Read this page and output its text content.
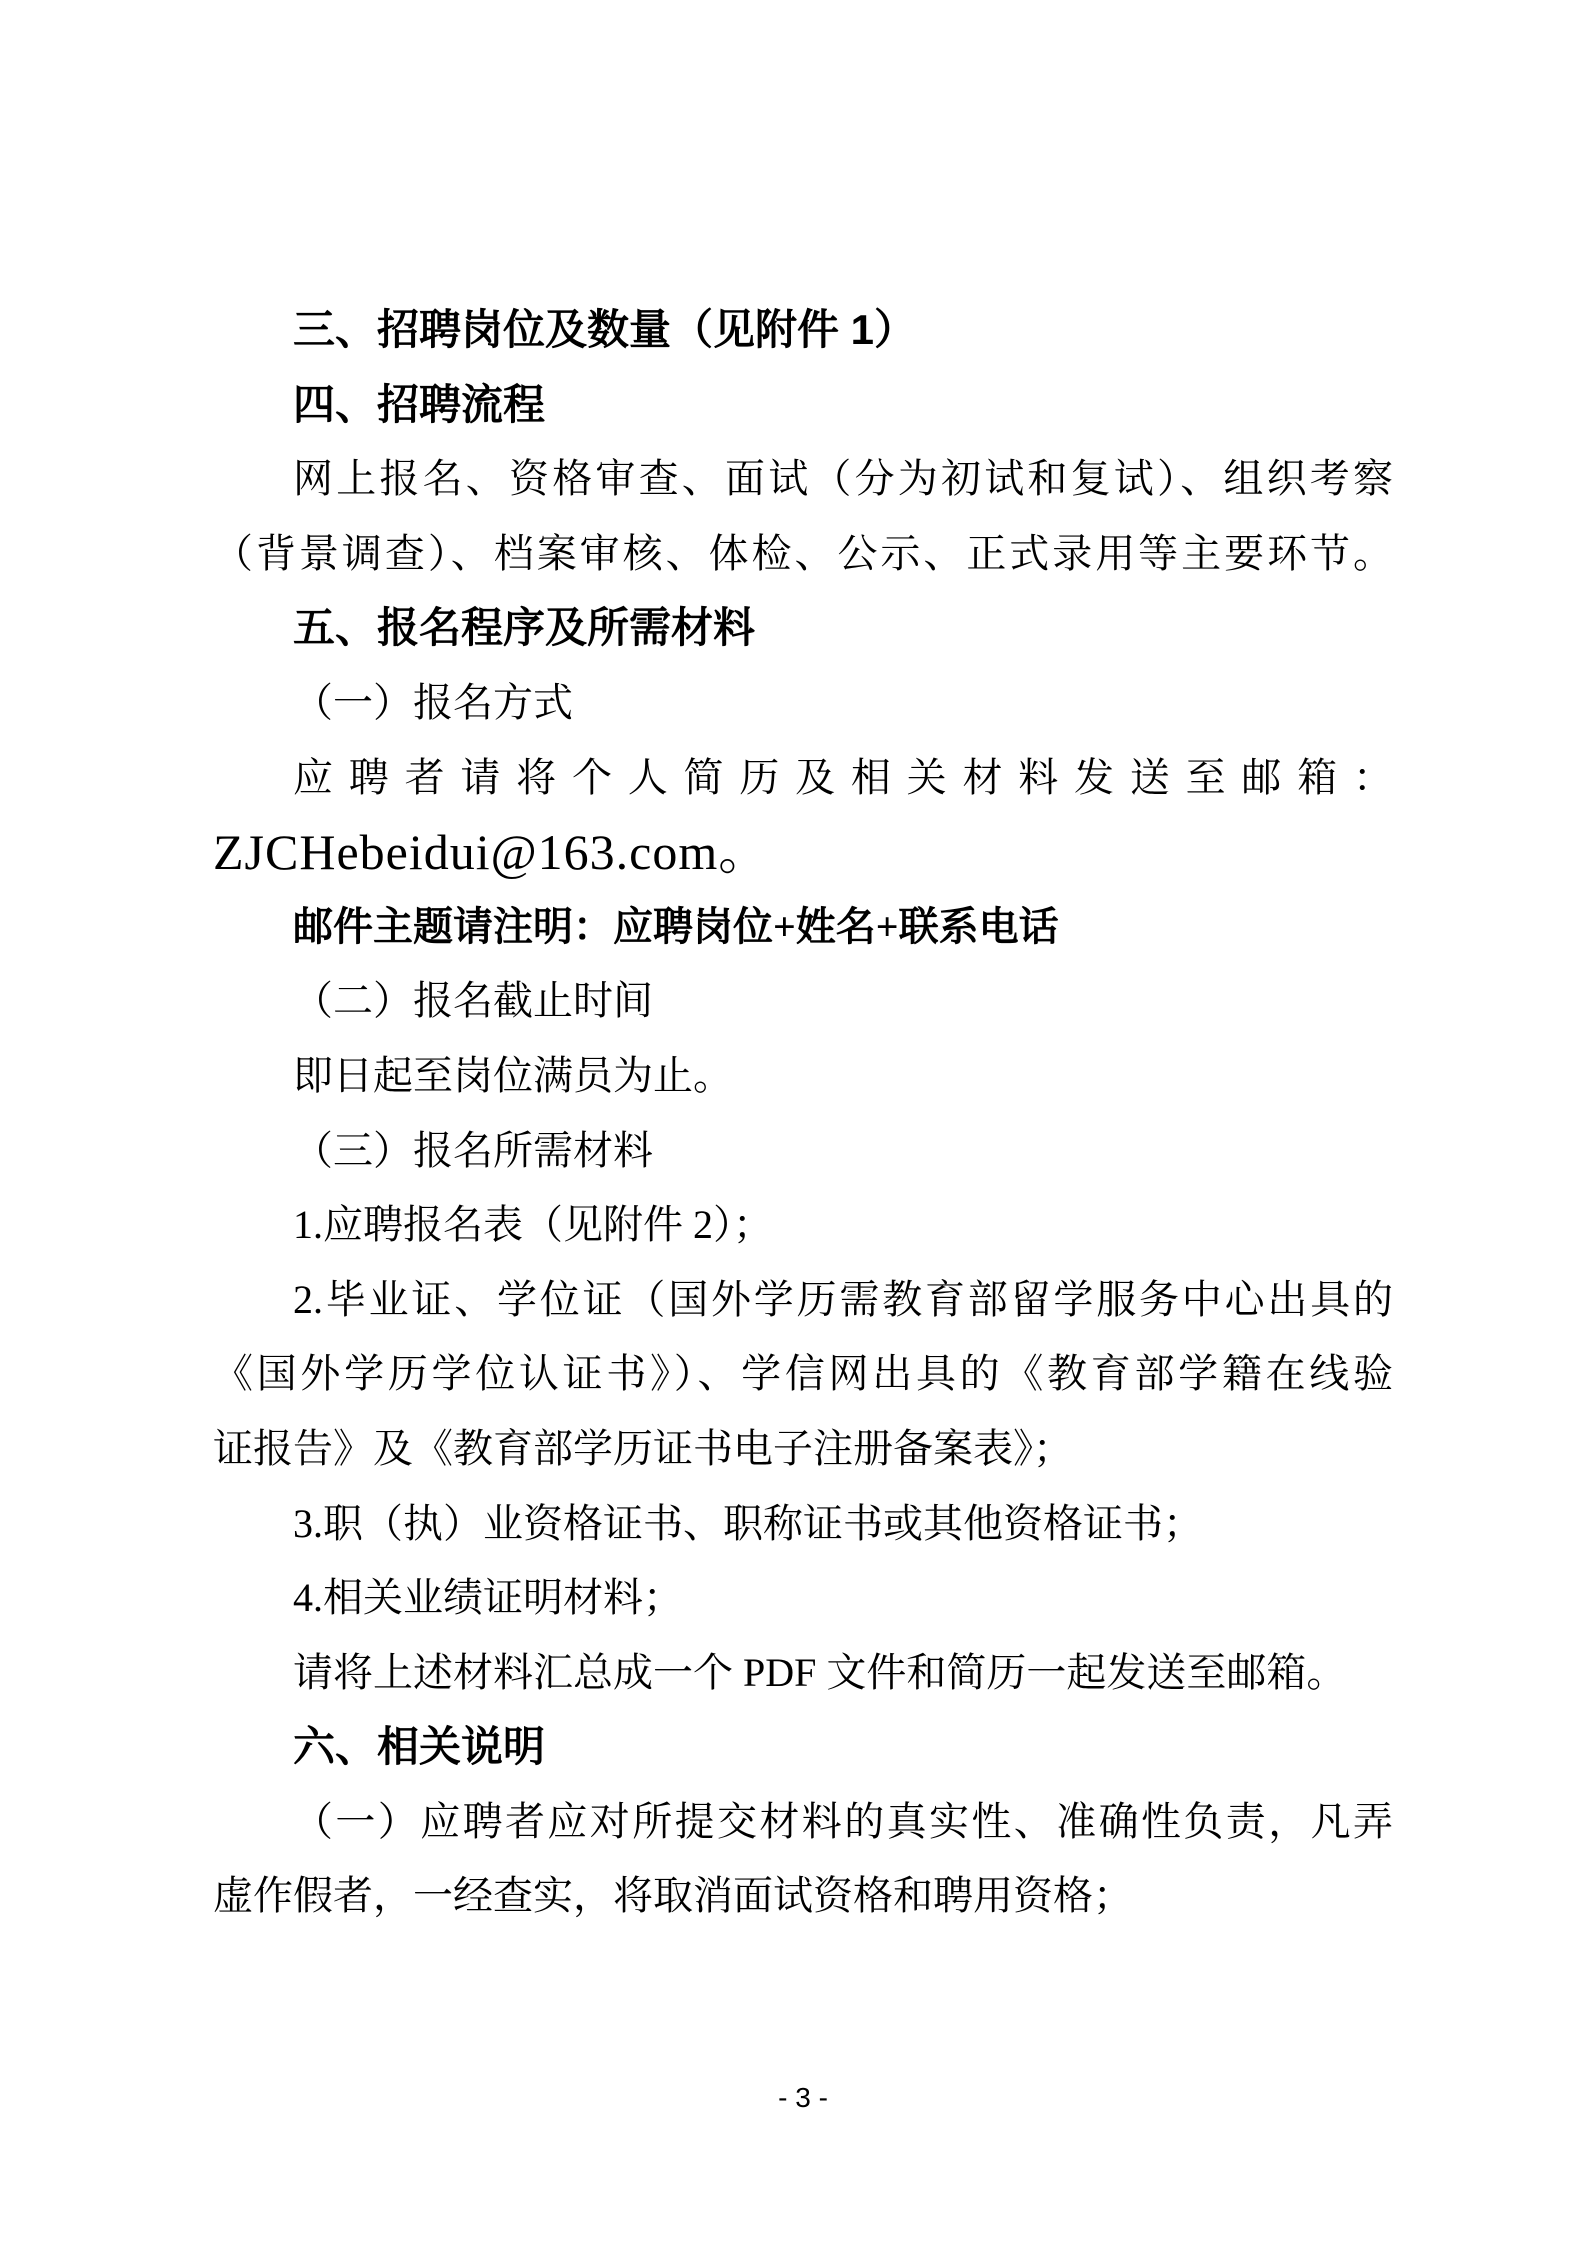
三、招聘岗位及数量（见附件 1）
四、招聘流程
网上报名、资格审查、面试（分为初试和复试）、组织考察
（背景调查）、档案审核、体检、公示、正式录用等主要环节。
五、报名程序及所需材料
（一）报名方式
应聘者请将个人简历及相关材料发送至邮箱：
ZJCHebeidui@163.com。
邮件主题请注明：应聘岗位+姓名+联系电话
（二）报名截止时间
即日起至岗位满员为止。
（三）报名所需材料
1.应聘报名表（见附件 2）；
2.毕业证、学位证（国外学历需教育部留学服务中心出具的
《国外学历学位认证书》）、学信网出具的《教育部学籍在线验
证报告》及《教育部学历证书电子注册备案表》；
3.职（执）业资格证书、职称证书或其他资格证书；
4.相关业绩证明材料；
请将上述材料汇总成一个 PDF 文件和简历一起发送至邮箱。
六、相关说明
（一）应聘者应对所提交材料的真实性、准确性负责，凡弄
虚作假者，一经查实，将取消面试资格和聘用资格；
- 3 -
